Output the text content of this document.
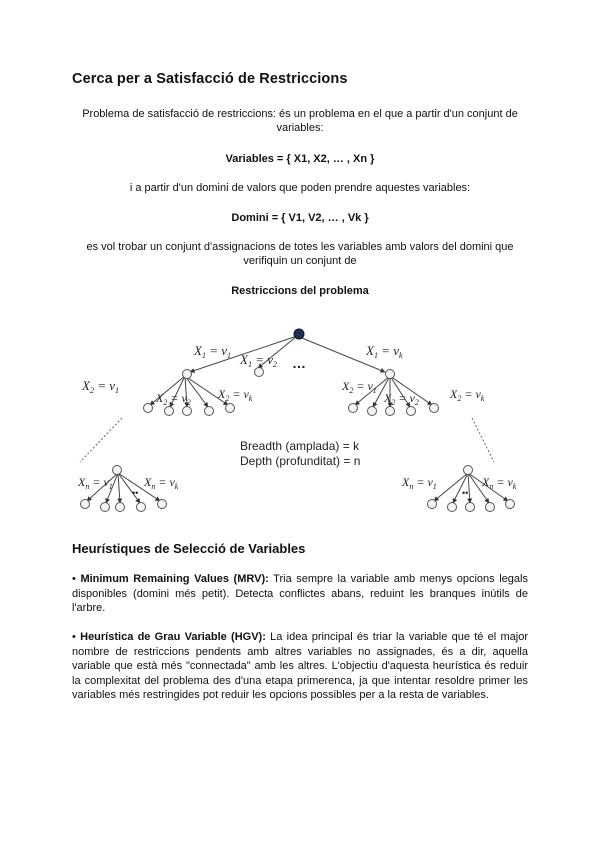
Cerca per a Satisfacció de Restriccions
Problema de satisfacció de restriccions: és un problema en el que a partir d'un conjunt de variables:
Variables = { X1, X2, … , Xn }
i a partir d'un domini de valors que poden prendre aquestes variables:
Domini = { V1, V2, … , Vk }
es vol trobar un conjunt d'assignacions de totes les variables amb valors del domini que verifiquin un conjunt de
Restriccions del problema
…
••	••
$X_1 = v_1$ $X_1 = v_2$
$X_1 = v_k$
$X_2 = v_1$
$X_2 = v_2$
$X_2 = v_k$
$X_2 = v_1$
$X_2 = v_2$
$X_2 = v_k$
$X_n = v_1$	$X_n = v_k$	$X_n = v_1$	$X_n = v_k$
Breadth (amplada) = k
Depth (profunditat) = n
Heurístiques de Selecció de Variables
• Minimum Remaining Values (MRV): Tria sempre la variable amb menys opcions legals disponibles (domini més petit). Detecta conflictes abans, reduint les branques inútils de l'arbre.
• Heurística de Grau Variable (HGV): La idea principal és triar la variable que té el major nombre de restriccions pendents amb altres variables no assignades, és a dir, aquella variable que està més "connectada" amb les altres. L'objectiu d'aquesta heurística és reduir la complexitat del problema des d'una etapa primerenca, ja que intentar resoldre primer les variables més restringides pot reduir les opcions possibles per a la resta de variables.
